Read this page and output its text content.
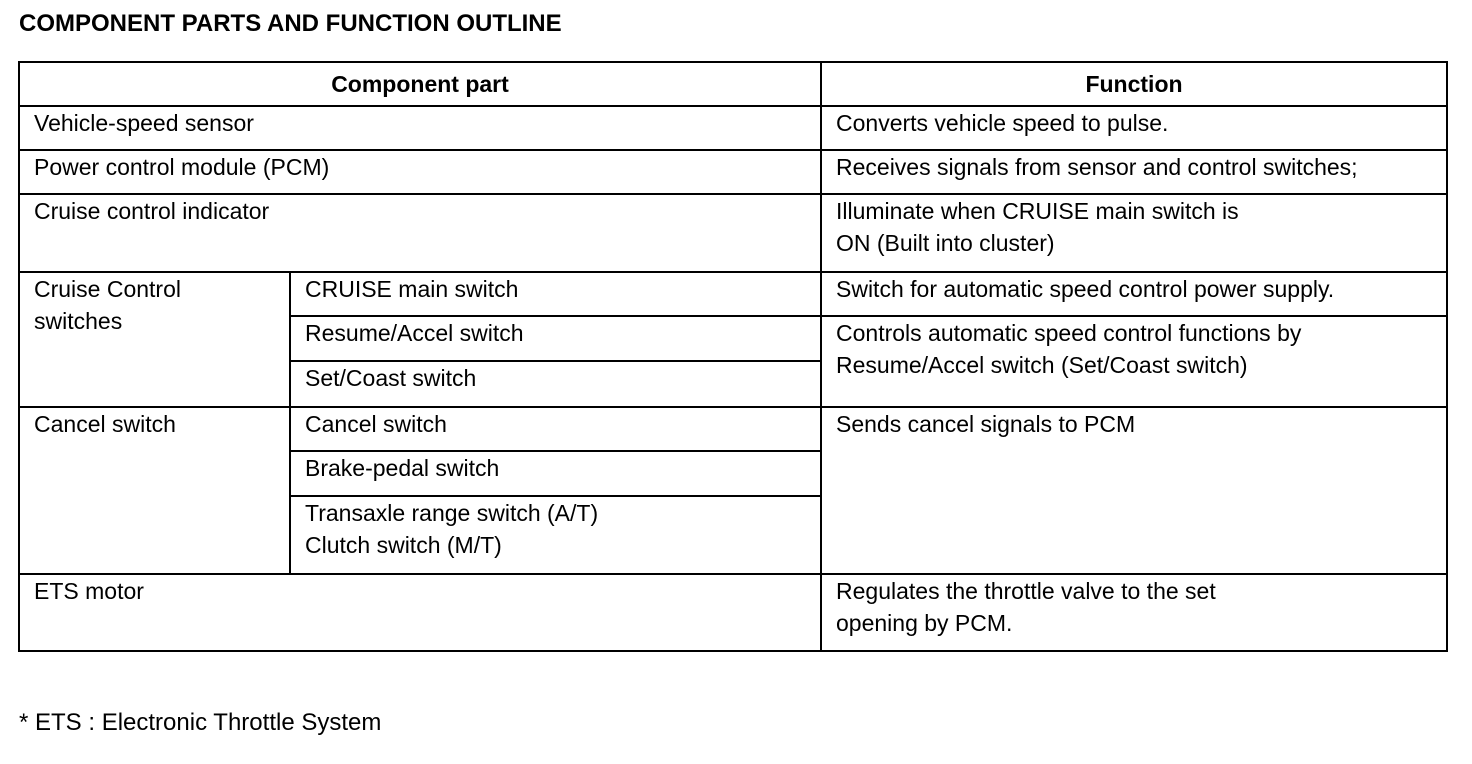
COMPONENT PARTS AND FUNCTION OUTLINE
Component part		Function
Vehicle-speed sensor		Converts vehicle speed to pulse.
Power control module (PCM)		Receives signals from sensor and control switches;
Cruise control indicator		Illuminate when CRUISE main switch is
ON (Built into cluster)

Cruise Control
switches	CRUISE main switch	Switch for automatic speed control power supply.
	Resume/Accel switch	Controls automatic speed control functions by
Resume/Accel switch (Set/Coast switch)

	Set/Coast switch	
Cancel switch	Cancel switch	Sends cancel signals to PCM
	Brake-pedal switch	

	Transaxle range switch (A/T)
Clutch switch (M/T)	

ETS motor		Regulates the throttle valve to the set
opening by PCM.
* ETS : Electronic Throttle System
